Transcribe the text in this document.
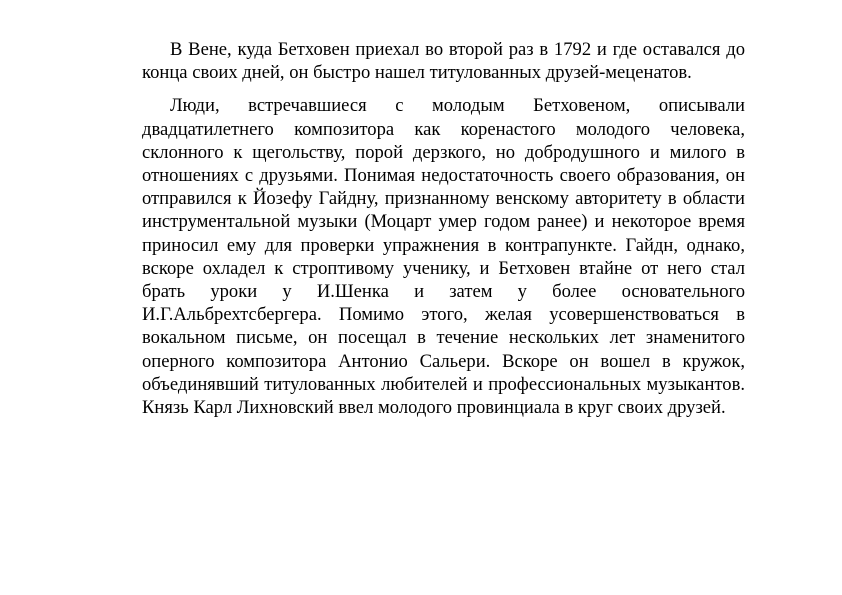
В Вене, куда Бетховен приехал во второй раз в 1792 и где оставался до конца своих дней, он быстро нашел титулованных друзей-меценатов.

Люди, встречавшиеся с молодым Бетховеном, описывали двадцатилетнего композитора как коренастого молодого человека, склонного к щегольству, порой дерзкого, но добродушного и милого в отношениях с друзьями. Понимая недостаточность своего образования, он отправился к Йозефу Гайдну, признанному венскому авторитету в области инструментальной музыки (Моцарт умер годом ранее) и некоторое время приносил ему для проверки упражнения в контрапункте. Гайдн, однако, вскоре охладел к строптивому ученику, и Бетховен втайне от него стал брать уроки у И.Шенка и затем у более основательного И.Г.Альбрехтсбергера. Помимо этого, желая усовершенствоваться в вокальном письме, он посещал в течение нескольких лет знаменитого оперного композитора Антонио Сальери. Вскоре он вошел в кружок, объединявший титулованных любителей и профессиональных музыкантов. Князь Карл Лихновский ввел молодого провинциала в круг своих друзей.
